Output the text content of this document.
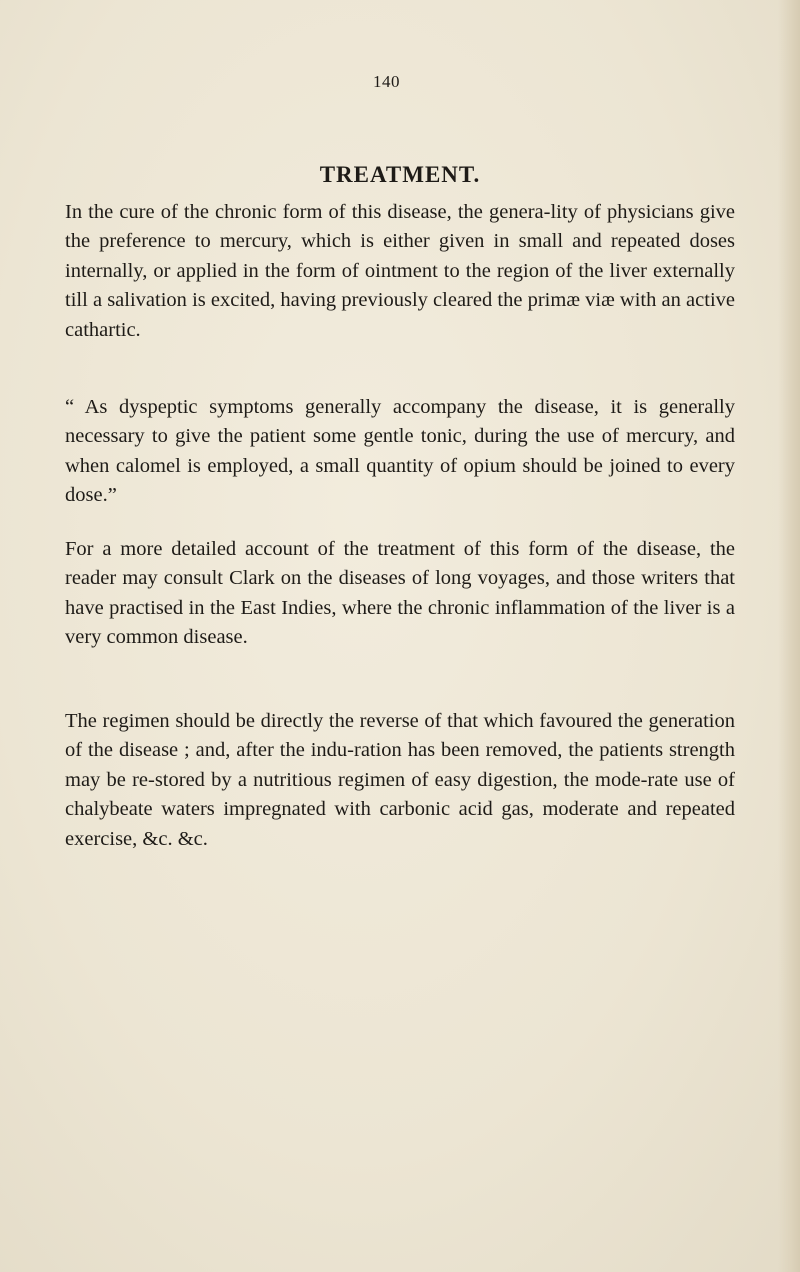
140
TREATMENT.
In the cure of the chronic form of this disease, the genera-lity of physicians give the preference to mercury, which is either given in small and repeated doses internally, or applied in the form of ointment to the region of the liver externally till a salivation is excited, having previously cleared the primæ viæ with an active cathartic.
“ As dyspeptic symptoms generally accompany the disease, it is generally necessary to give the patient some gentle tonic, during the use of mercury, and when calomel is employed, a small quantity of opium should be joined to every dose.”
For a more detailed account of the treatment of this form of the disease, the reader may consult Clark on the diseases of long voyages, and those writers that have practised in the East Indies, where the chronic inflammation of the liver is a very common disease.
The regimen should be directly the reverse of that which favoured the generation of the disease ; and, after the indu-ration has been removed, the patients strength may be re-stored by a nutritious regimen of easy digestion, the mode-rate use of chalybeate waters impregnated with carbonic acid gas, moderate and repeated exercise, &c. &c.
